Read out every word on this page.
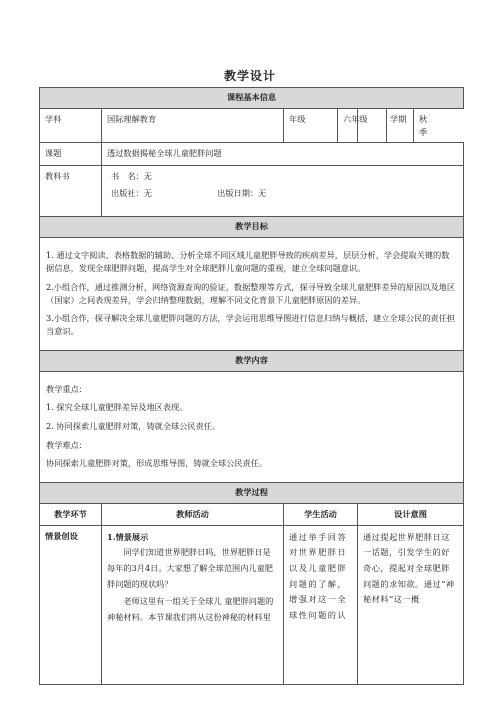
教学设计
课程基本信息
学科	国际理解教育	年级		六年级	学期	秋季

课题	透过数据揭秘全球儿童肥胖问题
教科书	书　名：无
出版社：无	出版日期：无

教学目标

1. 通过文字阅读、表格数据的辅助、分析全球不同区域儿童肥胖导致的疾病差异，层层分析，学会提取关键的数据信息，发现全球肥胖问题，提高学生对全球肥胖儿童问题的重视，建立全球问题意识。

2.小组合作，通过推测分析，网络资源查询的验证，数据整理等方式，探寻导致全球儿童肥胖差异的原因以及地区（国家）之间表现差异，学会归纳整理数据，理解不同文化背景下儿童肥胖原因的差异。

3.小组合作，探寻解决全球儿童肥胖问题的方法，学会运用思维导图进行信息归纳与概括，建立全球公民的责任担当意识。

教学内容

教学重点：

1. 探究全球儿童肥胖差异及地区表现。

2. 协同探索儿童肥胖对策，铸就全球公民责任。

教学难点：

协同探索儿童肥胖对策，形成思维导图，铸就全球公民责任。

教学过程
教学环节	教师活动	学生活动	设计意图
情景创设	1.情景展示

同学们知道世界肥胖日吗，世界肥胖日是每年的3月4日。大家想了解全球范围内儿童肥胖问题的现状吗？

老师这里有一组关于全球儿 童肥胖问题的神秘材料。本节课我们将从这份神秘的材料里

	通过举手回答对世界肥胖日以及儿童肥胖问题的了解，增强对这一全球性问题的认	通过提起世界肥胖日这一话题，引发学生的好奇心，提起对全球肥胖问题的求知欲。通过“神秘材料”这一概
